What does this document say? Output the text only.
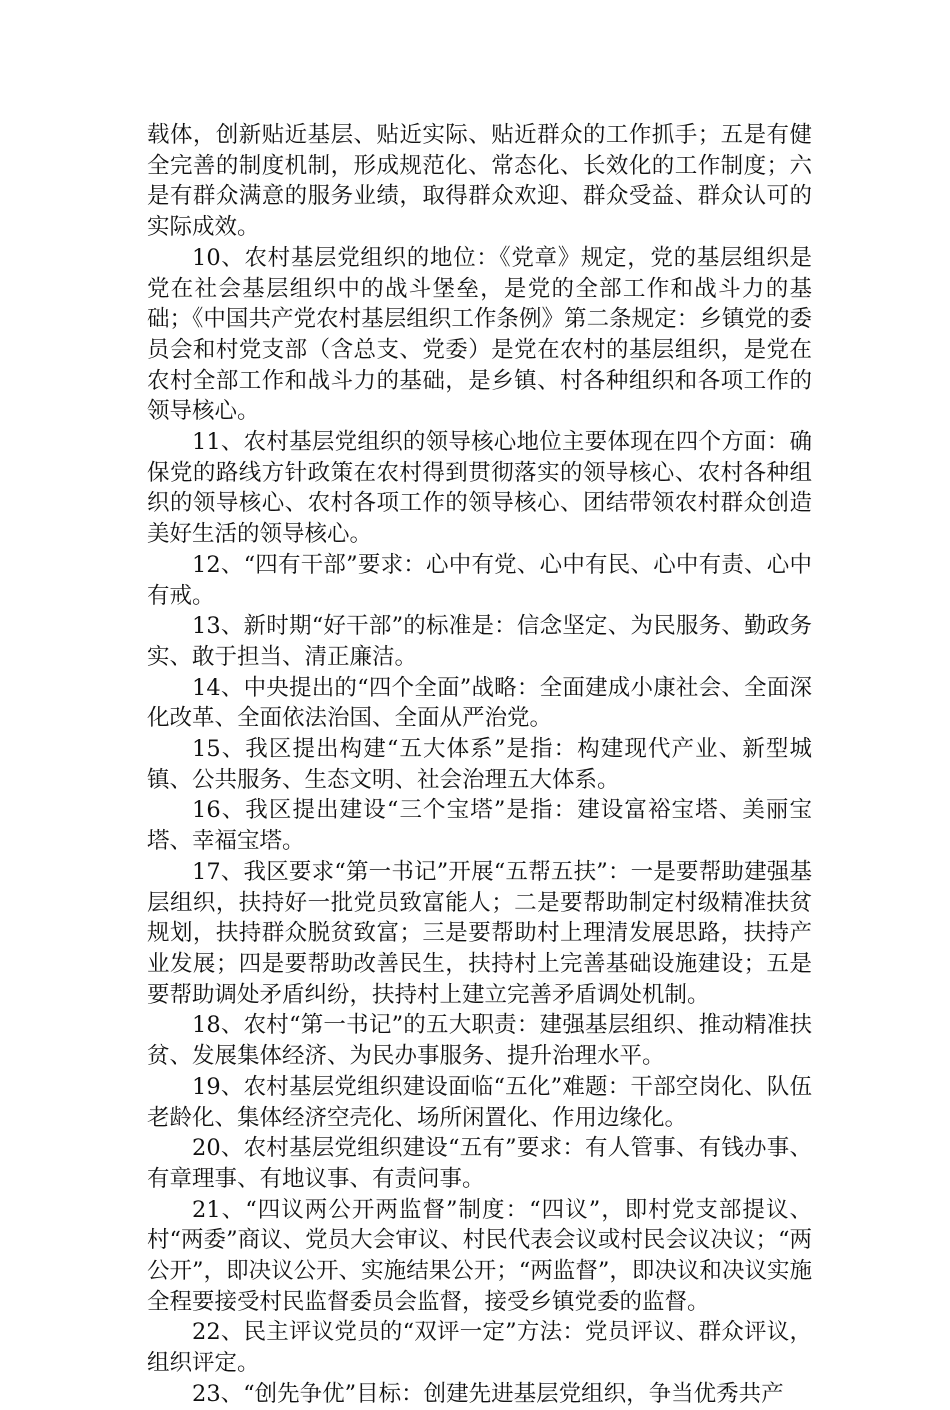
载体，创新贴近基层、贴近实际、贴近群众的工作抓手；五是有健全完善的制度机制，形成规范化、常态化、长效化的工作制度；六是有群众满意的服务业绩，取得群众欢迎、群众受益、群众认可的实际成效。

10、农村基层党组织的地位：《党章》规定，党的基层组织是党在社会基层组织中的战斗堡垒，是党的全部工作和战斗力的基础；《中国共产党农村基层组织工作条例》第二条规定：乡镇党的委员会和村党支部（含总支、党委）是党在农村的基层组织，是党在农村全部工作和战斗力的基础，是乡镇、村各种组织和各项工作的领导核心。

11、农村基层党组织的领导核心地位主要体现在四个方面：确保党的路线方针政策在农村得到贯彻落实的领导核心、农村各种组织的领导核心、农村各项工作的领导核心、团结带领农村群众创造美好生活的领导核心。

12、“四有干部”要求：心中有党、心中有民、心中有责、心中有戒。

13、新时期“好干部”的标准是：信念坚定、为民服务、勤政务实、敢于担当、清正廉洁。

14、中央提出的“四个全面”战略：全面建成小康社会、全面深化改革、全面依法治国、全面从严治党。

15、我区提出构建“五大体系”是指：构建现代产业、新型城镇、公共服务、生态文明、社会治理五大体系。

16、我区提出建设“三个宝塔”是指：建设富裕宝塔、美丽宝塔、幸福宝塔。

17、我区要求“第一书记”开展“五帮五扶”：一是要帮助建强基层组织，扶持好一批党员致富能人；二是要帮助制定村级精准扶贫规划，扶持群众脱贫致富；三是要帮助村上理清发展思路，扶持产业发展；四是要帮助改善民生，扶持村上完善基础设施建设；五是要帮助调处矛盾纠纷，扶持村上建立完善矛盾调处机制。

18、农村“第一书记”的五大职责：建强基层组织、推动精准扶贫、发展集体经济、为民办事服务、提升治理水平。

19、农村基层党组织建设面临“五化”难题：干部空岗化、队伍老龄化、集体经济空壳化、场所闲置化、作用边缘化。

20、农村基层党组织建设“五有”要求：有人管事、有钱办事、有章理事、有地议事、有责问事。

21、“四议两公开两监督”制度：“四议”，即村党支部提议、村“两委”商议、党员大会审议、村民代表会议或村民会议决议；“两公开”，即决议公开、实施结果公开；“两监督”，即决议和决议实施全程要接受村民监督委员会监督，接受乡镇党委的监督。

22、民主评议党员的“双评一定”方法：党员评议、群众评议，组织评定。

23、“创先争优”目标：创建先进基层党组织，争当优秀共产
